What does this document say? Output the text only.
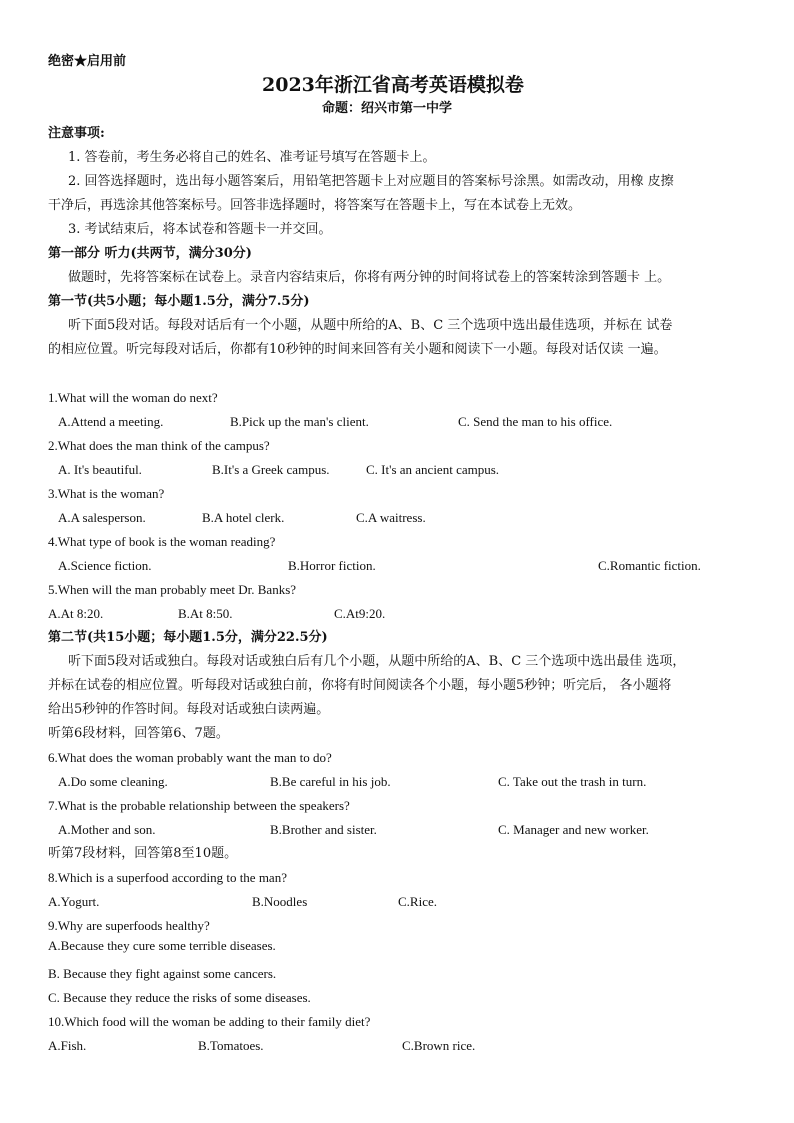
绝密★启用前
2023年浙江省高考英语模拟卷
命题：绍兴市第一中学
注意事项:
1. 答卷前，考生务必将自己的姓名、准考证号填写在答题卡上。
2. 回答选择题时，选出每小题答案后，用铅笔把答题卡上对应题目的答案标号涂黑。如需改动，用橡 皮擦
干净后，再选涂其他答案标号。回答非选择题时，将答案写在答题卡上，写在本试卷上无效。
3. 考试结束后，将本试卷和答题卡一并交回。
第一部分 听力(共两节，满分30分)
做题时，先将答案标在试卷上。录音内容结束后，你将有两分钟的时间将试卷上的答案转涂到答题卡 上。
第一节(共5小题；每小题1.5分，满分7.5分)
听下面5段对话。每段对话后有一个小题，从题中所给的A、B、C 三个选项中选出最佳选项，并标在 试卷
的相应位置。听完每段对话后，你都有10秒钟的时间来回答有关小题和阅读下一小题。每段对话仅读 一遍。
1.What will the woman do next?
A.Attend a meeting.	B.Pick up the man's client.	C. Send the man to his office.
2.What does the man think of the campus?
A. It's beautiful.	B.It's a Greek campus.	C. It's an ancient campus.
3.What is the woman?
A.A salesperson.	B.A hotel clerk.	C.A waitress.
4.What type of book is the woman reading?
A.Science fiction.	B.Horror fiction.	C.Romantic fiction.
5.When will the man probably meet Dr. Banks?
A.At 8:20.	B.At 8:50.	C.At9:20.
第二节(共15小题；每小题1.5分，满分22.5分)
听下面5段对话或独白。每段对话或独白后有几个小题，从题中所给的A、B、C 三个选项中选出最佳 选项，
并标在试卷的相应位置。听每段对话或独白前，你将有时间阅读各个小题，每小题5秒钟；听完后， 各小题将
给出5秒钟的作答时间。每段对话或独白读两遍。
听第6段材料，回答第6、7题。
6.What does the woman probably want the man to do?
A.Do some cleaning.	B.Be careful in his job.	C. Take out the trash in turn.
7.What is the probable relationship between the speakers?
A.Mother and son.	B.Brother and sister.	C. Manager and new worker.
听第7段材料，回答第8至10题。
8.Which is a superfood according to the man?
A.Yogurt.	B.Noodles	C.Rice.
9.Why are superfoods healthy?
A.Because they cure some terrible diseases.
B. Because they fight against some cancers.
C. Because they reduce the risks of some diseases.
10.Which food will the woman be adding to their family diet?
A.Fish.	B.Tomatoes.	C.Brown rice.
